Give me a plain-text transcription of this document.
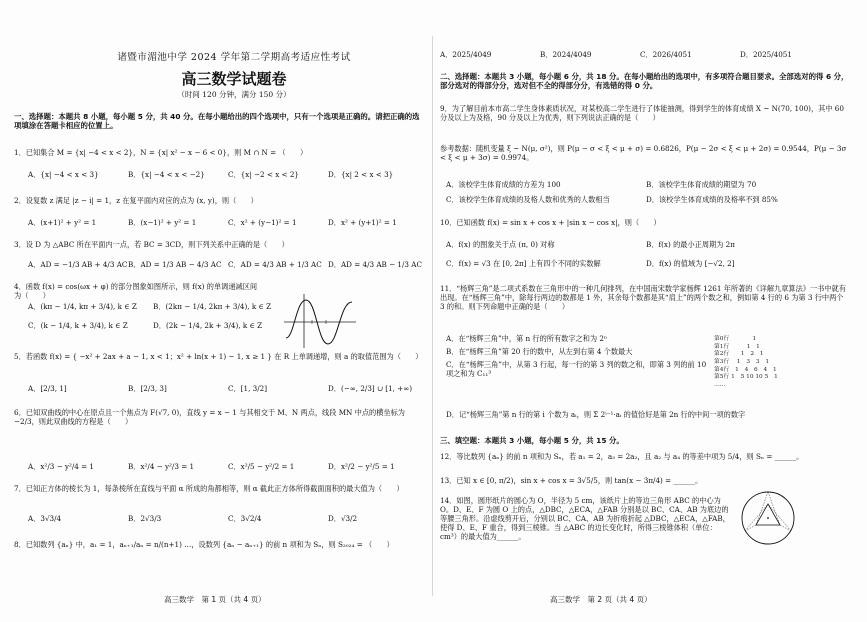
诸暨市湄池中学 2024 学年第二学期高考适应性考试
高三数学试题卷
（时间 120 分钟，满分 150 分）
一、选择题：本题共 8 小题，每小题 5 分，共 40 分。在每小题给出的四个选项中，只有一个选项是正确的。请把正确的选项填涂在答题卡相应的位置上。
1．已知集合 M = {x| −4 < x < 2}，N = {x| x² − x − 6 < 0}，则 M ∩ N = （　　）
A．{x| −4 < x < 3}	B．{x| −4 < x < −2}	C．{x| −2 < x < 2}	D．{x| 2 < x < 3}
2．设复数 z 满足 |z − i| = 1，z 在复平面内对应的点为 (x, y)，则（　　）
A．(x+1)² + y² = 1	B．(x−1)² + y² = 1	C．x² + (y−1)² = 1	D．x² + (y+1)² = 1
3．设 D 为 △ABC 所在平面内一点，若 BC = 3CD，则下列关系中正确的是（　　）
A．AD = −1/3 AB + 4/3 AC B．AD = 1/3 AB − 4/3 AC C．AD = 4/3 AB + 1/3 AC D．AD = 4/3 AB − 1/3 AC
4．函数 f(x) = cos(ωx + φ) 的部分图象如图所示，则 f(x) 的单调递减区间为（　　）
A．(kπ − 1/4, kπ + 3/4), k ∈ Z	B．(2kπ − 1/4, 2kπ + 3/4), k ∈ Z
C．(k − 1/4, k + 3/4), k ∈ Z	D．(2k − 1/4, 2k + 3/4), k ∈ Z
5．若函数 f(x) = { −x² + 2ax + a − 1, x < 1；x² + ln(x + 1) − 1, x ≥ 1 } 在 R 上单调递增，则 a 的取值范围为（　　）
A．[2/3, 1]	B．[2/3, 3]	C．[1, 3/2]	D．(−∞, 2/3] ∪ [1, +∞)
6．已知双曲线的中心在原点且一个焦点为 F(√7, 0)，直线 y = x − 1 与其相交于 M、N 两点，线段 MN 中点的横坐标为 −2/3，则此双曲线的方程是（　　）
A．x²/3 − y²/4 = 1	B．x²/4 − y²/3 = 1	C．x²/5 − y²/2 = 1	D．x²/2 − y²/5 = 1
7．已知正方体的棱长为 1，每条棱所在直线与平面 α 所成的角都相等，则 α 截此正方体所得截面面积的最大值为（　　）
A．3√3/4	B．2√3/3	C．3√2/4	D．√3/2
8．已知数列 {aₙ} 中，a₁ = 1，aₙ₊₁/aₙ = n/(n+1) …，设数列 {aₙ − aₙ₊₁} 的前 n 项和为 Sₙ，则 S₂₀₂₄ = （　　）
高三数学　第 1 页（共 4 页）
A．2025/4049	B．2024/4049	C．2026/4051	D．2025/4051
二、选择题：本题共 3 小题，每小题 6 分，共 18 分。在每小题给出的选项中，有多项符合题目要求。全部选对的得 6 分，部分选对的得部分分，选对但不全的得部分分，有选错的得 0 分。
9．为了解目前本市高二学生身体素质状况，对某校高二学生进行了体能抽测，得到学生的体育成绩 X ~ N(70, 100)，其中 60 分及以上为及格，90 分及以上为优秀，则下列说法正确的是（　　）
参考数据：随机变量 ξ ~ N(μ, σ²)，则 P(μ − σ < ξ < μ + σ) = 0.6826，P(μ − 2σ < ξ < μ + 2σ) = 0.9544，P(μ − 3σ < ξ < μ + 3σ) = 0.9974。
A．该校学生体育成绩的方差为 100	B．该校学生体育成绩的期望为 70
C．该校学生体育成绩的及格人数和优秀的人数相当	D．该校学生体育成绩的及格率不到 85%
10．已知函数 f(x) = sin x + cos x + |sin x − cos x|，则（　　）
A．f(x) 的图象关于点 (π, 0) 对称	B．f(x) 的最小正周期为 2π
C．f(x) = √3 在 [0, 2π] 上有四个不同的实数解	D．f(x) 的值域为 [−√2, 2]
11．“杨辉三角”是二项式系数在三角形中的一种几何排列，在中国南宋数学家杨辉 1261 年所著的《详解九章算法》一书中就有出现。在“杨辉三角”中，除每行两边的数都是 1 外，其余每个数都是其“肩上”的两个数之和，例如第 4 行的 6 为第 3 行中两个 3 的和。则下列命题中正确的是（　　）
A．在“杨辉三角”中，第 n 行的所有数字之和为 2ⁿ
B．在“杨辉三角”第 20 行的数中，从左到右第 4 个数最大
C．在“杨辉三角”中，从第 3 行起，每一行的第 3 列的数之和，即第 3 列的前 10 项之和为 C₁₁³
D．记“杨辉三角”第 n 行的第 i 个数为 aᵢ，则 Σ 2ⁱ⁻¹·aᵢ 的值恰好是第 2n 行的中间一项的数字
三、填空题：本题共 3 小题，每小题 5 分，共 15 分。
12．等比数列 {aₙ} 的前 n 项和为 Sₙ，若 a₁ = 2，a₃ = 2a₂，且 a₂ 与 a₄ 的等差中项为 5/4，则 Sₙ = ______。
13．已知 x ∈ [0, π/2)，sin x + cos x = 3√5/5，则 tan(x − 3π/4) = ______。
14．如图，圆形纸片的圆心为 O，半径为 5 cm，该纸片上的等边三角形 ABC 的中心为 O。D、E、F 为圆 O 上的点，△DBC，△ECA，△FAB 分别是以 BC、CA、AB 为底边的等腰三角形。沿虚线剪开后，分别以 BC、CA、AB 为折痕折起 △DBC，△ECA，△FAB，使得 D、E、F 重合，得到三棱锥。当 △ABC 的边长变化时，所得三棱锥体积（单位：cm³）的最大值为______。
高三数学　第 2 页（共 4 页）
第0行　　　　1
第1行　　　1　1
第2行　　1　2　1
第3行　 1　3　3　1
第4行　1　4　6　4　1
第5行 1　5 10 10 5　1
……
